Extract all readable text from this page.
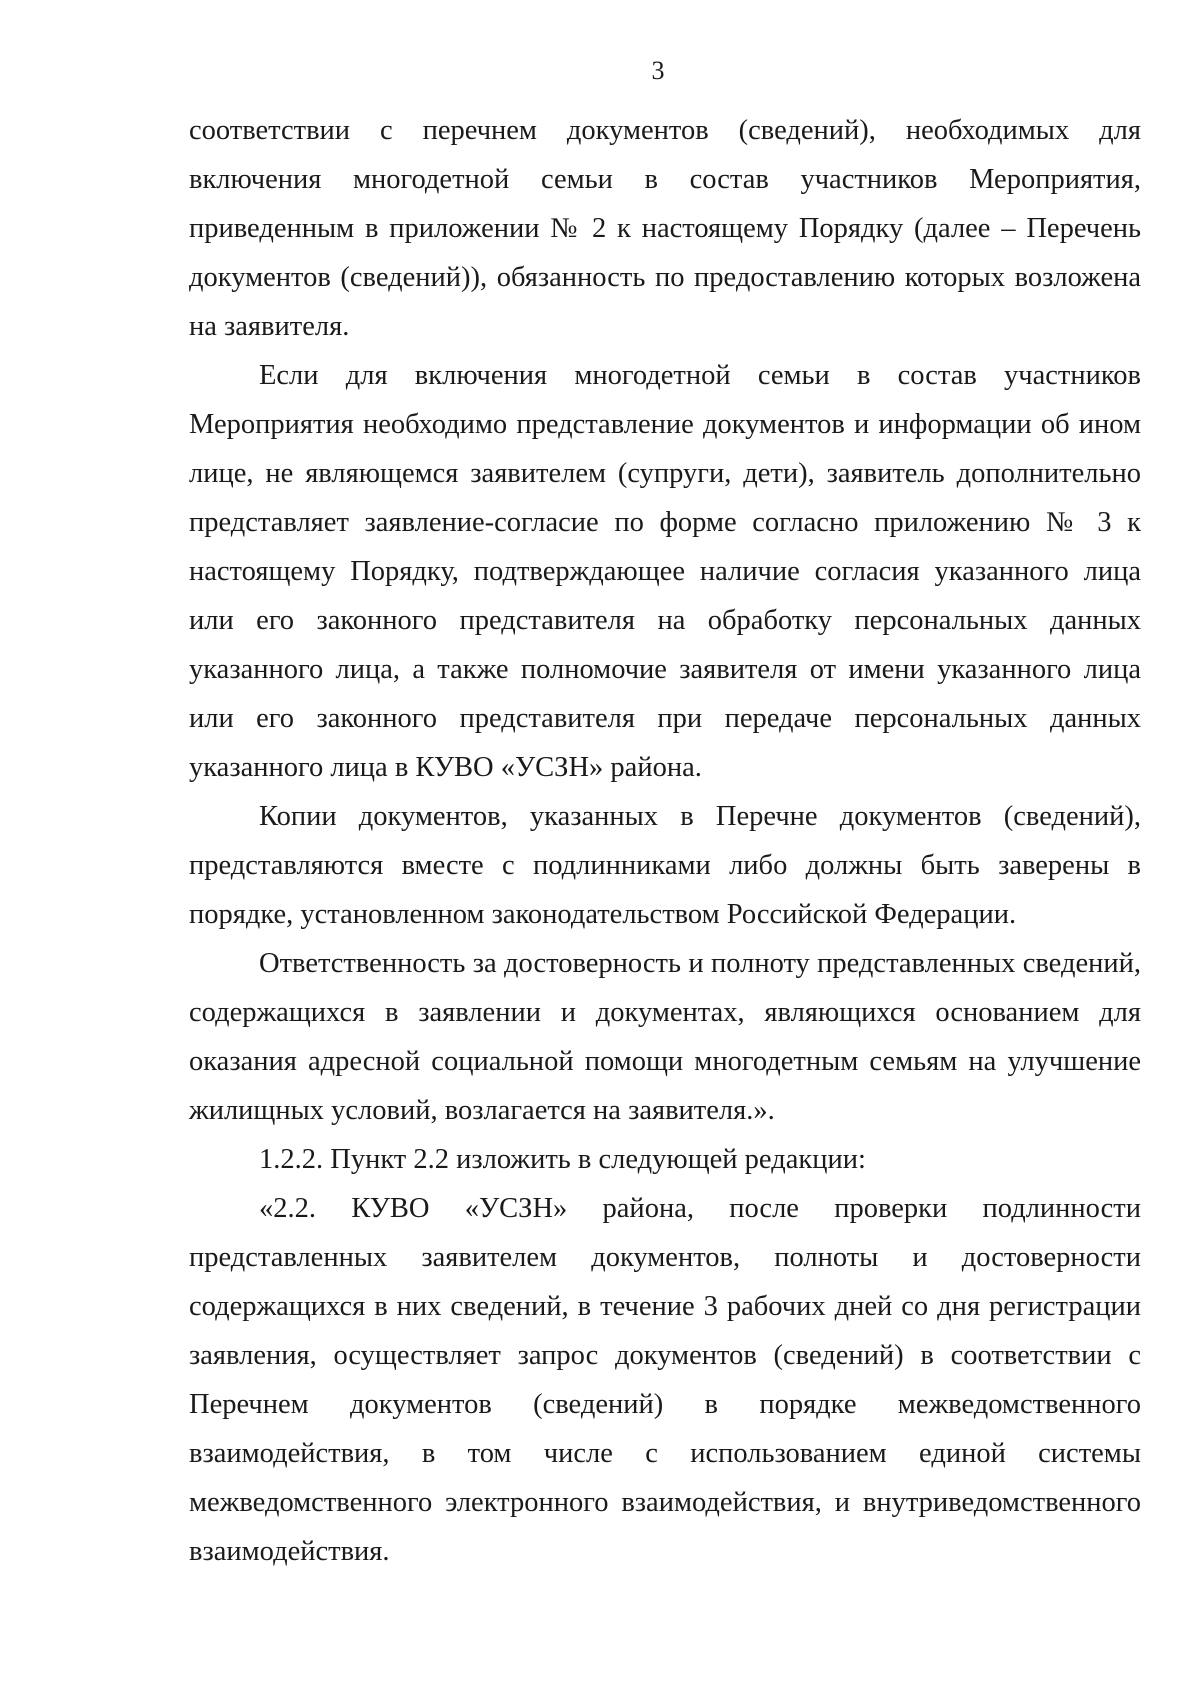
3

соответствии с перечнем документов (сведений), необходимых для включения многодетной семьи в состав участников Мероприятия, приведенным в приложении № 2 к настоящему Порядку (далее – Перечень документов (сведений)), обязанность по предоставлению которых возложена на заявителя.

Если для включения многодетной семьи в состав участников Мероприятия необходимо представление документов и информации об ином лице, не являющемся заявителем (супруги, дети), заявитель дополнительно представляет заявление-согласие по форме согласно приложению № 3 к настоящему Порядку, подтверждающее наличие согласия указанного лица или его законного представителя на обработку персональных данных указанного лица, а также полномочие заявителя от имени указанного лица или его законного представителя при передаче персональных данных указанного лица в КУВО «УСЗН» района.

Копии документов, указанных в Перечне документов (сведений), представляются вместе с подлинниками либо должны быть заверены в порядке, установленном законодательством Российской Федерации.

Ответственность за достоверность и полноту представленных сведений, содержащихся в заявлении и документах, являющихся основанием для оказания адресной социальной помощи многодетным семьям на улучшение жилищных условий, возлагается на заявителя.».

1.2.2. Пункт 2.2 изложить в следующей редакции:

«2.2. КУВО «УСЗН» района, после проверки подлинности представленных заявителем документов, полноты и достоверности содержащихся в них сведений, в течение 3 рабочих дней со дня регистрации заявления, осуществляет запрос документов (сведений) в соответствии с Перечнем документов (сведений) в порядке межведомственного взаимодействия, в том числе с использованием единой системы межведомственного электронного взаимодействия, и внутриведомственного взаимодействия.
